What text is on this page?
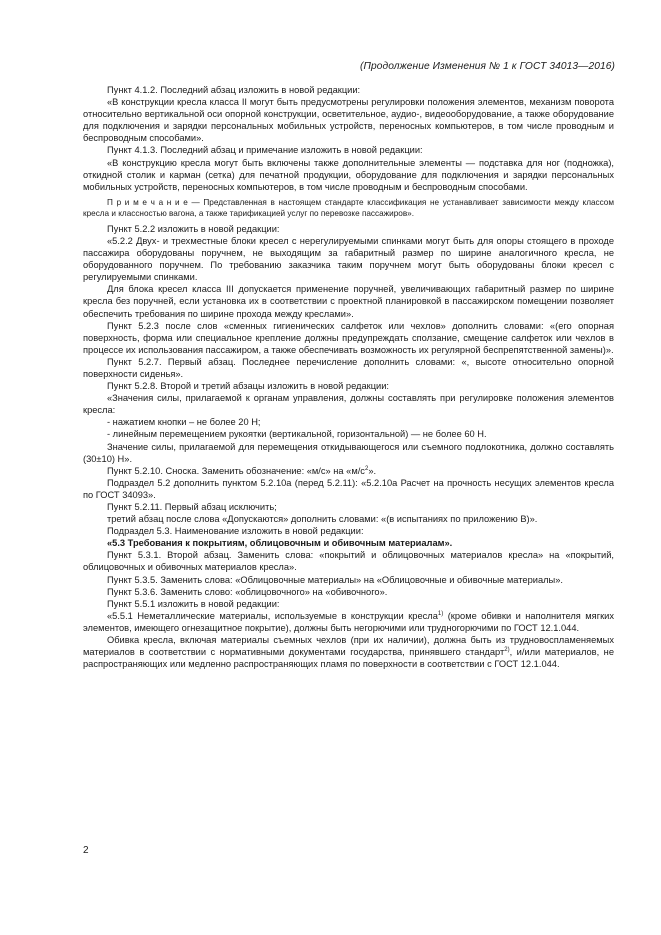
(Продолжение Изменения № 1 к ГОСТ 34013—2016)

Пункт 4.1.2. Последний абзац изложить в новой редакции:

«В конструкции кресла класса II могут быть предусмотрены регулировки положения элементов, механизм поворота относительно вертикальной оси опорной конструкции, осветительное, аудио-, видеооборудование, а также оборудование для подключения и зарядки персональных мобильных устройств, переносных компьютеров, в том числе проводным и беспроводным способами».

Пункт 4.1.3. Последний абзац и примечание изложить в новой редакции:

«В конструкцию кресла могут быть включены также дополнительные элементы — подставка для ног (подножка), откидной столик и карман (сетка) для печатной продукции, оборудование для подключения и зарядки персональных мобильных устройств, переносных компьютеров, в том числе проводным и беспроводным способами.

П р и м е ч а н и е — Представленная в настоящем стандарте классификация не устанавливает зависимости между классом кресла и классностью вагона, а также тарификацией услуг по перевозке пассажиров».

Пункт 5.2.2 изложить в новой редакции:

«5.2.2 Двух- и трехместные блоки кресел с нерегулируемыми спинками могут быть для опоры стоящего в проходе пассажира оборудованы поручнем, не выходящим за габаритный размер по ширине аналогичного кресла, не оборудованного поручнем. По требованию заказчика таким поручнем могут быть оборудованы блоки кресел с регулируемыми спинками.

Для блока кресел класса III допускается применение поручней, увеличивающих габаритный размер по ширине кресла без поручней, если установка их в соответствии с проектной планировкой в пассажирском помещении позволяет обеспечить требования по ширине прохода между креслами».

Пункт 5.2.3 после слов «сменных гигиенических салфеток или чехлов» дополнить словами: «(его опорная поверхность, форма или специальное крепление должны предупреждать сползание, смещение салфеток или чехлов в процессе их использования пассажиром, а также обеспечивать возможность их регулярной беспрепятственной замены)».

Пункт 5.2.7. Первый абзац. Последнее перечисление дополнить словами: «, высоте относительно опорной поверхности сиденья».

Пункт 5.2.8. Второй и третий абзацы изложить в новой редакции:

«Значения силы, прилагаемой к органам управления, должны составлять при регулировке положения элементов кресла:

- нажатием кнопки – не более 20 Н;

- линейным перемещением рукоятки (вертикальной, горизонтальной) — не более 60 Н.

Значение силы, прилагаемой для перемещения откидывающегося или съемного подлокотника, должно составлять (30±10) Н».

Пункт 5.2.10. Сноска. Заменить обозначение: «м/с» на «$м/с^2$».

Подраздел 5.2 дополнить пунктом 5.2.10а (перед 5.2.11): «5.2.10а Расчет на прочность несущих элементов кресла по ГОСТ 34093».

Пункт 5.2.11. Первый абзац исключить;

третий абзац после слова «Допускаются» дополнить словами: «(в испытаниях по приложению В)».

Подраздел 5.3. Наименование изложить в новой редакции:

«5.3 Требования к покрытиям, облицовочным и обивочным материалам».

Пункт 5.3.1. Второй абзац. Заменить слова: «покрытий и облицовочных материалов кресла» на «покрытий, облицовочных и обивочных материалов кресла».

Пункт 5.3.5. Заменить слова: «Облицовочные материалы» на «Облицовочные и обивочные материалы».

Пункт 5.3.6. Заменить слово: «облицовочного» на «обивочного».

Пункт 5.5.1 изложить в новой редакции:

«5.5.1 Неметаллические материалы, используемые в конструкции кресла$^{1)}$ (кроме обивки и наполнителя мягких элементов, имеющего огнезащитное покрытие), должны быть негорючими или трудногорючими по ГОСТ 12.1.044.

Обивка кресла, включая материалы съемных чехлов (при их наличии), должна быть из трудновоспламеняемых материалов в соответствии с нормативными документами государства, принявшего стандарт$^{2)}$, и/или материалов, не распространяющих или медленно распространяющих пламя по поверхности в соответствии с ГОСТ 12.1.044.

2
